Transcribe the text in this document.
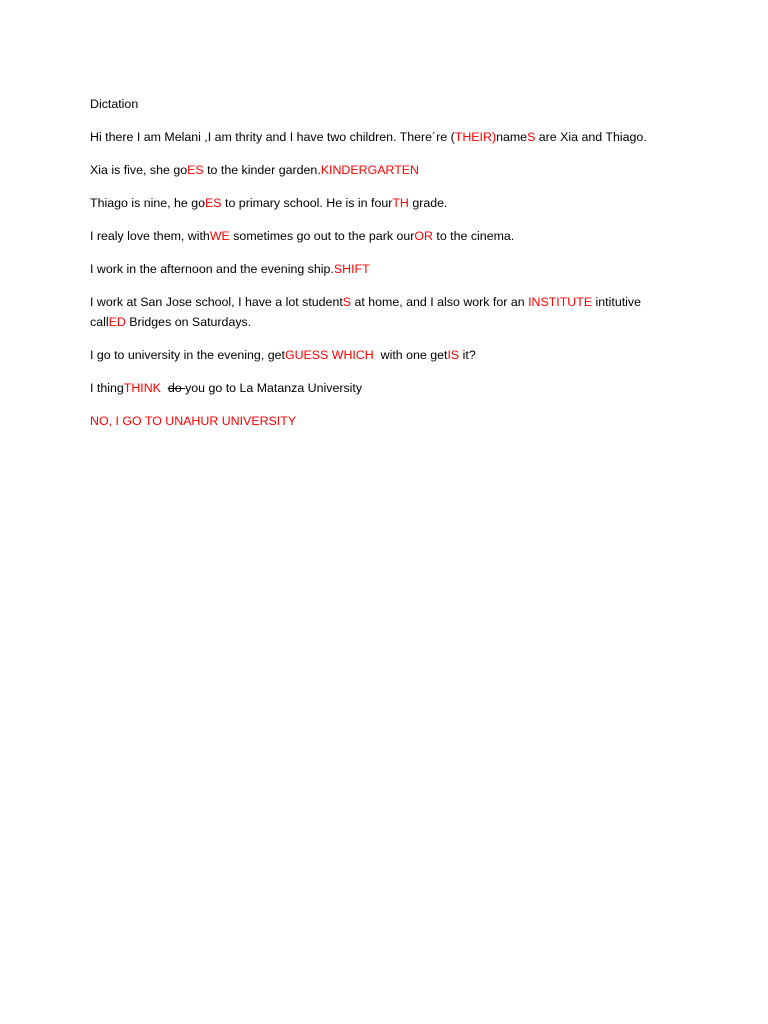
Dictation

Hi there I am Melani ,I am thrity and I have two children. There´re (THEIR)nameS are Xia and Thiago.

Xia is five, she goES to the kinder garden.KINDERGARTEN

Thiago is nine, he goES to primary school. He is in fourTH grade.

I realy love them, withWE sometimes go out to the park ourOR to the cinema.

I work in the afternoon and the evening ship.SHIFT

I work at San Jose school, I have a lot studentS at home, and I also work for an INSTITUTE intitutive callED Bridges on Saturdays.

I go to university in the evening, getGUESS WHICH  with one getIS it?

I thingTHINK  do you go to La Matanza University

NO, I GO TO UNAHUR UNIVERSITY
